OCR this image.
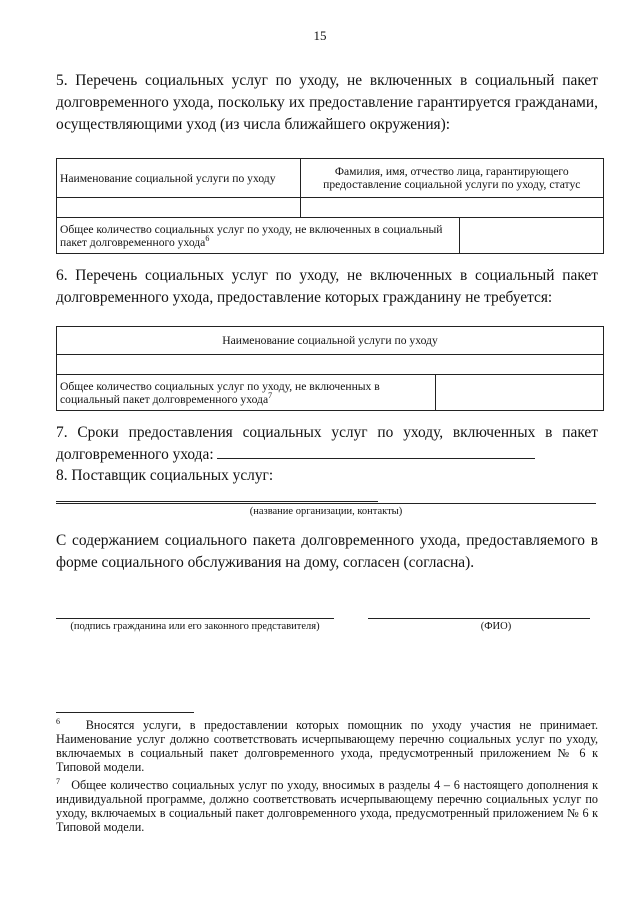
15

5. Перечень социальных услуг по уходу, не включенных в социальный пакет долговременного ухода, поскольку их предоставление гарантируется гражданами, осуществляющими уход (из числа ближайшего окружения):

Наименование социальной услуги по уходу	Фамилия, имя, отчество лица, гарантирующего предоставление социальной услуги по уходу, статус	

Общее количество социальных услуг по уходу, не включенных в социальный пакет долговременного ухода$^6$	

6. Перечень социальных услуг по уходу, не включенных в социальный пакет долговременного ухода, предоставление которых гражданину не требуется:

Наименование социальной услуги по уходу

Общее количество социальных услуг по уходу, не включенных в социальный пакет долговременного ухода$^7$	

7. Сроки предоставления социальных услуг по уходу, включенных в пакет долговременного ухода:

8. Поставщик социальных услуг:

(название организации, контакты)

С содержанием социального пакета долговременного ухода, предоставляемого в форме социального обслуживания на дому, согласен (согласна).

(подпись гражданина или его законного представителя)	(ФИО)

$^6$ Вносятся услуги, в предоставлении которых помощник по уходу участия не принимает. Наименование услуг должно соответствовать исчерпывающему перечню социальных услуг по уходу, включаемых в социальный пакет долговременного ухода, предусмотренный приложением № 6 к Типовой модели.

$^7$ Общее количество социальных услуг по уходу, вносимых в разделы 4 – 6 настоящего дополнения к индивидуальной программе, должно соответствовать исчерпывающему перечню социальных услуг по уходу, включаемых в социальный пакет долговременного ухода, предусмотренный приложением № 6 к Типовой модели.
